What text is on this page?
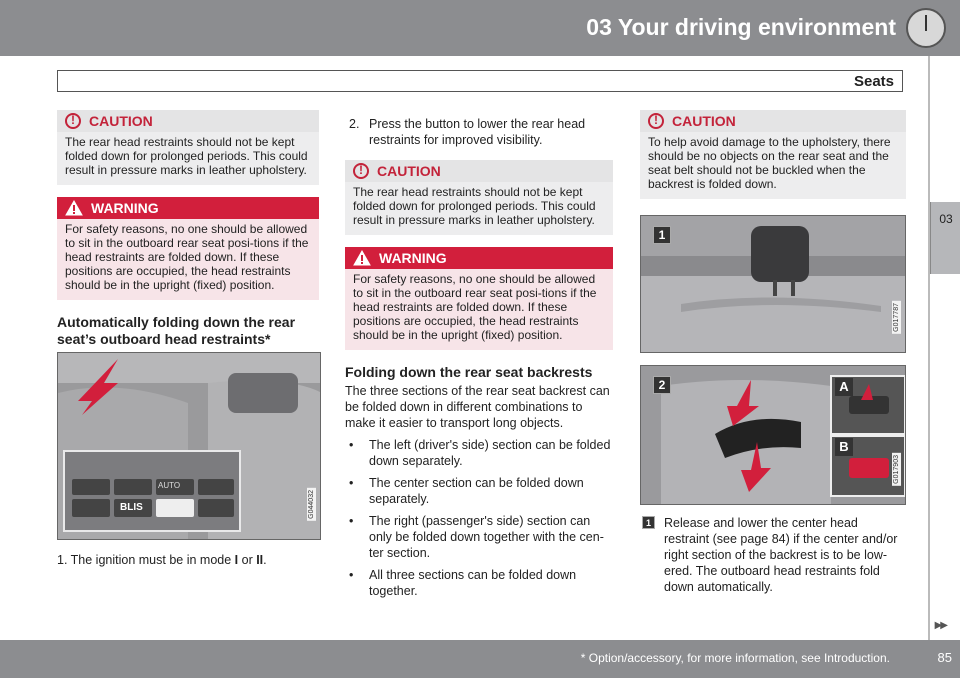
03 Your driving environment
Seats
03
!
CAUTION
The rear head restraints should not be kept folded down for prolonged periods. This could result in pressure marks in leather upholstery.
WARNING
For safety reasons, no one should be allowed to sit in the outboard rear seat posi-tions if the head restraints are folded down. If these positions are occupied, the head restraints should be in the upright (fixed) position.
Automatically folding down the rear seat’s outboard head restraints*
AUTO
BLIS	G044032
1. The ignition must be in mode I or II.
2. Press the button to lower the rear head restraints for improved visibility.
!
CAUTION
The rear head restraints should not be kept folded down for prolonged periods. This could result in pressure marks in leather upholstery.
WARNING
For safety reasons, no one should be allowed to sit in the outboard rear seat posi-tions if the head restraints are folded down. If these positions are occupied, the head restraints should be in the upright (fixed) position.
Folding down the rear seat backrests
The three sections of the rear seat backrest can be folded down in different combinations to make it easier to transport long objects.
• The left (driver's side) section can be folded down separately.
• The center section can be folded down separately.
• The right (passenger's side) section can only be folded down together with the cen-ter section.
• All three sections can be folded down together.
!
CAUTION
To help avoid damage to the upholstery, there should be no objects on the rear seat and the seat belt should not be buckled when the backrest is folded down.
1
G017787
2	A
B
G017903
1	Release and lower the center head restraint (see page 84) if the center and/or right section of the backrest is to be low-ered. The outboard head restraints fold down automatically.
▶▶
* Option/accessory, for more information, see Introduction.	85
